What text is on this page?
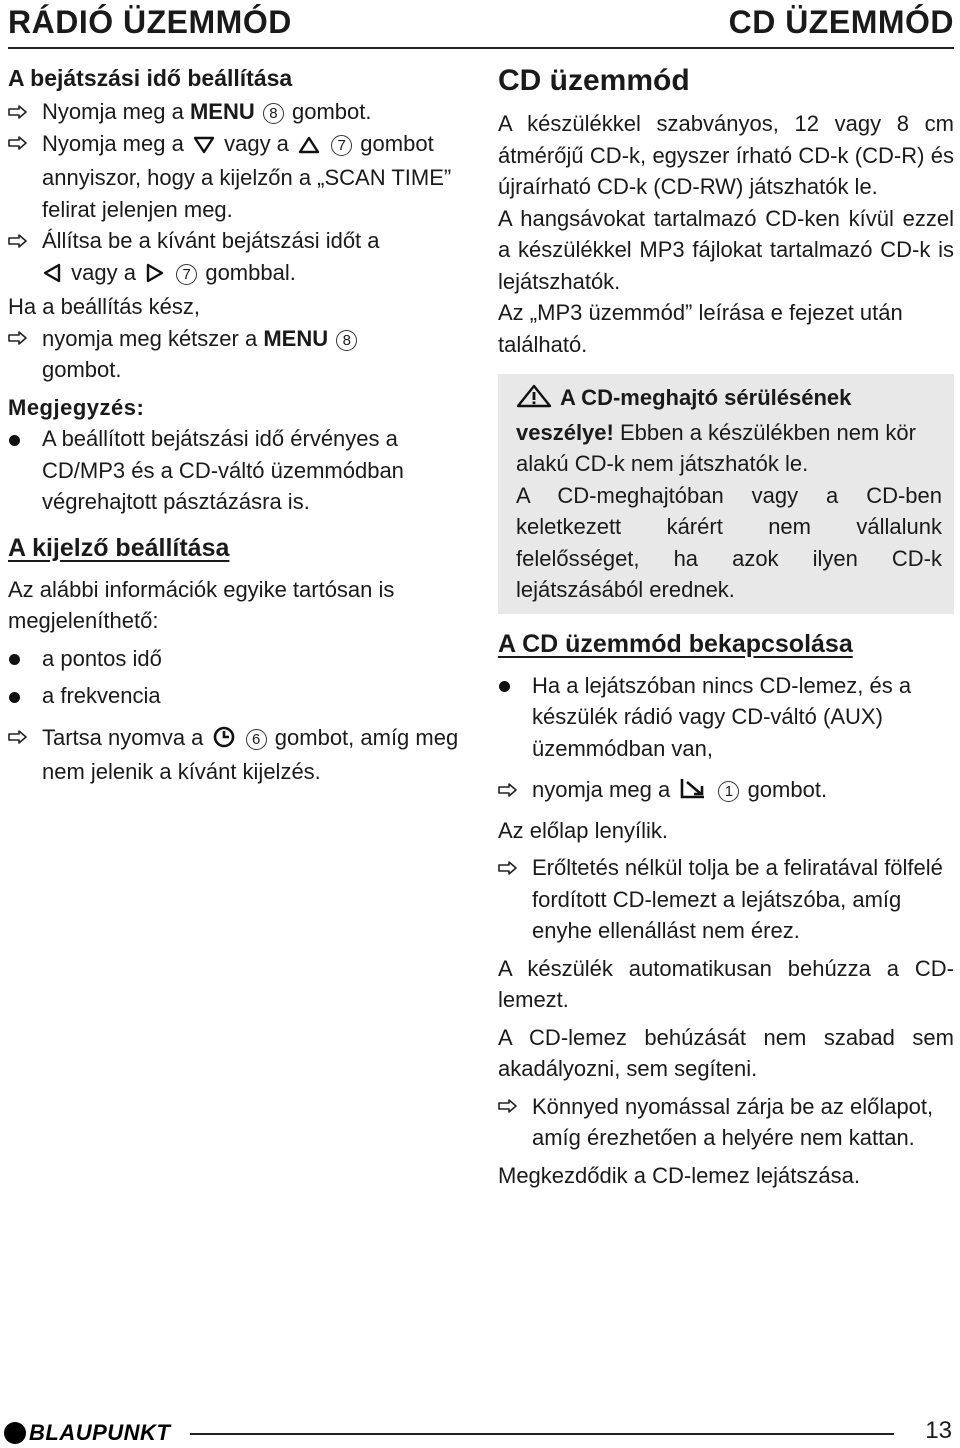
RÁDIÓ ÜZEMMÓD	CD ÜZEMMÓD
A bejátszási idő beállítása
Nyomja meg a MENU 8 gombot.
Nyomja meg a vagy a	7 gombot annyiszor, hogy a kijelzőn a „SCAN TIME” felirat jelenjen meg.
Állítsa be a kívánt bejátszási időt a
vagy a	7 gombbal.
Ha a beállítás kész,
nyomja meg kétszer a MENU 8
gombot.
Megjegyzés:
A beállított bejátszási idő érvényes a CD/MP3 és a CD-váltó üzemmódban végrehajtott pásztázásra is.
A kijelző beállítása
Az alábbi információk egyike tartósan is megjeleníthető:
a pontos idő
a frekvencia
Tartsa nyomva a	6 gombot, amíg meg nem jelenik a kívánt kijelzés.
CD üzemmód
A készülékkel szabványos, 12 vagy 8 cm átmérőjű CD-k, egyszer írható CD-k (CD-R) és újraírható CD-k (CD-RW) játszhatók le.
A hangsávokat tartalmazó CD-ken kívül ezzel a készülékkel MP3 fájlokat tartalmazó CD-k is lejátszhatók.
Az „MP3 üzemmód” leírása e fejezet után található.
A CD-meghajtó sérülésének veszélye! Ebben a készülékben nem kör alakú CD-k nem játszhatók le.
A CD-meghajtóban vagy a CD-ben keletkezett kárért nem vállalunk felelősséget, ha azok ilyen CD-k lejátszásából erednek.
A CD üzemmód bekapcsolása
Ha a lejátszóban nincs CD-lemez, és a készülék rádió vagy CD-váltó (AUX) üzemmódban van,
nyomja meg a	1 gombot.
Az előlap lenyílik.
Erőltetés nélkül tolja be a feliratával fölfelé fordított CD-lemezt a lejátszóba, amíg enyhe ellenállást nem érez.
A készülék automatikusan behúzza a CD-lemezt.
A CD-lemez behúzását nem szabad sem akadályozni, sem segíteni.
Könnyed nyomással zárja be az előlapot, amíg érezhetően a helyére nem kattan.
Megkezdődik a CD-lemez lejátszása.
BLAUPUNKT	13
